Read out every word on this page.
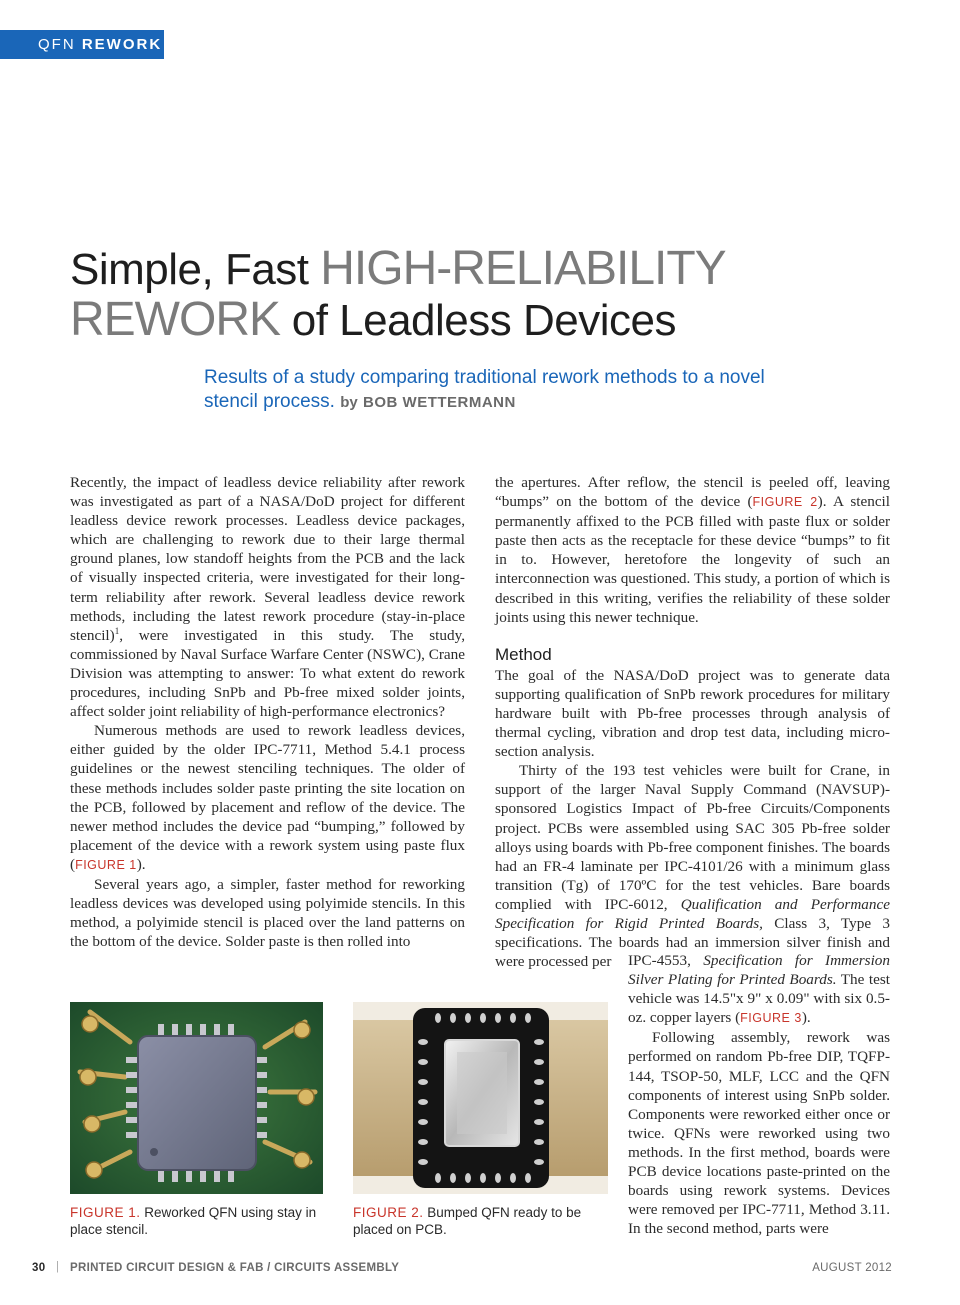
QFN REWORK
Simple, Fast HIGH-RELIABILITY
REWORK of Leadless Devices
Results of a study comparing traditional rework methods to a novel stencil process. by BOB WETTERMANN

Recently, the impact of leadless device reliability after rework was investigated as part of a NASA/DoD project for different leadless device rework processes. Leadless device packages, which are challenging to rework due to their large thermal ground planes, low standoff heights from the PCB and the lack of visually inspected criteria, were investigated for their long-term reliability after rework. Several leadless device rework methods, including the latest rework procedure (stay-in-place stencil)$^1$, were investigated in this study. The study, commissioned by Naval Surface Warfare Center (NSWC), Crane Division was attempting to answer: To what extent do rework procedures, including SnPb and Pb-free mixed solder joints, affect solder joint reliability of high-performance electronics?

Numerous methods are used to rework leadless devices, either guided by the older IPC-7711, Method 5.4.1 process guidelines or the newest stenciling techniques. The older of these methods includes solder paste printing the site location on the PCB, followed by placement and reflow of the device. The newer method includes the device pad “bumping,” followed by placement of the device with a rework system using paste flux (FIGURE 1).

Several years ago, a simpler, faster method for reworking leadless devices was developed using polyimide stencils. In this method, a polyimide stencil is placed over the land patterns on the bottom of the device. Solder paste is then rolled into

the apertures. After reflow, the stencil is peeled off, leaving “bumps” on the bottom of the device (FIGURE 2). A stencil permanently affixed to the PCB filled with paste flux or solder paste then acts as the receptacle for these device “bumps” to fit in to. However, heretofore the longevity of such an interconnection was questioned. This study, a portion of which is described in this writing, verifies the reliability of these solder joints using this newer technique.

Method

The goal of the NASA/DoD project was to generate data supporting qualification of SnPb rework procedures for military hardware built with Pb-free processes through analysis of thermal cycling, vibration and drop test data, including micro-section analysis.

Thirty of the 193 test vehicles were built for Crane, in support of the larger Naval Supply Command (NAVSUP)-sponsored Logistics Impact of Pb-free Circuits/Components project. PCBs were assembled using SAC 305 Pb-free solder alloys using boards with Pb-free component finishes. The boards had an FR-4 laminate per IPC-4101/26 with a minimum glass transition (Tg) of 170ºC for the test vehicles. Bare boards complied with IPC-6012, Qualification and Performance Specification for Rigid Printed Boards, Class 3, Type 3 specifications. The boards had an immersion silver finish and were processed per	IPC-4553, Specification for Immersion Silver Plating for Printed Boards. The test vehicle was 14.5"x 9" x 0.09" with six 0.5-oz. copper layers (FIGURE 3).

Following assembly, rework was performed on random Pb-free DIP, TQFP-144, TSOP-50, MLF, LCC and the QFN components of interest using SnPb solder. Components were reworked either once or twice. QFNs were reworked using two methods. In the first method, boards were PCB device locations paste-printed on the boards using rework systems. Devices were removed per IPC-7711, Method 3.11. In the second method, parts were

FIGURE 1. Reworked QFN using stay in place stencil.
FIGURE 2. Bumped QFN ready to be placed on PCB.
30 | PRINTED CIRCUIT DESIGN & FAB / CIRCUITS ASSEMBLY	AUGUST 2012
